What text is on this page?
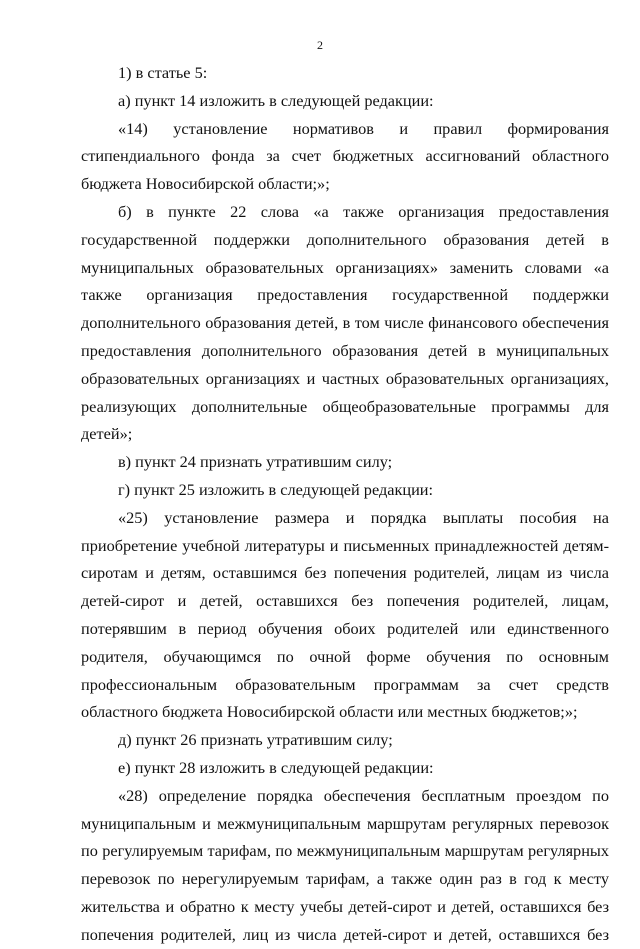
2

1) в статье 5:

а) пункт 14 изложить в следующей редакции:

«14) установление нормативов и правил формирования стипендиального фонда за счет бюджетных ассигнований областного бюджета Новосибирской области;»;

б) в пункте 22 слова «а также организация предоставления государственной поддержки дополнительного образования детей в муниципальных образовательных организациях» заменить словами «а также организация предоставления государственной поддержки дополнительного образования детей, в том числе финансового обеспечения предоставления дополнительного образования детей в муниципальных образовательных организациях и частных образовательных организациях, реализующих дополнительные общеобразовательные программы для детей»;

в) пункт 24 признать утратившим силу;

г) пункт 25 изложить в следующей редакции:

«25) установление размера и порядка выплаты пособия на приобретение учебной литературы и письменных принадлежностей детям-сиротам и детям, оставшимся без попечения родителей, лицам из числа детей-сирот и детей, оставшихся без попечения родителей, лицам, потерявшим в период обучения обоих родителей или единственного родителя, обучающимся по очной форме обучения по основным профессиональным образовательным программам за счет средств областного бюджета Новосибирской области или местных бюджетов;»;

д) пункт 26 признать утратившим силу;

е) пункт 28 изложить в следующей редакции:

«28) определение порядка обеспечения бесплатным проездом по муниципальным и межмуниципальным маршрутам регулярных перевозок по регулируемым тарифам, по межмуниципальным маршрутам регулярных перевозок по нерегулируемым тарифам, а также один раз в год к месту жительства и обратно к месту учебы детей-сирот и детей, оставшихся без попечения родителей, лиц из числа детей-сирот и детей, оставшихся без
